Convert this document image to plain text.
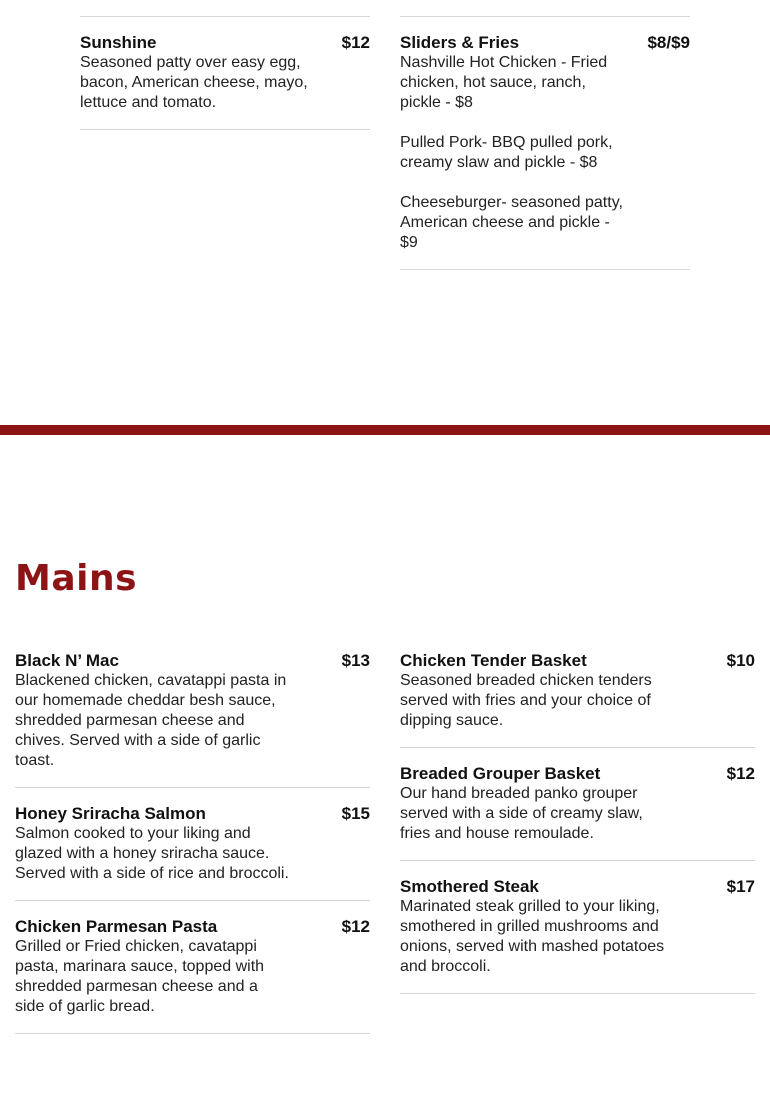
Sunshine	$12

Seasoned patty over easy egg, bacon, American cheese, mayo, lettuce and tomato.

Sliders & Fries	$8/$9

Nashville Hot Chicken - Fried chicken, hot sauce, ranch, pickle - $8

Pulled Pork- BBQ pulled pork, creamy slaw and pickle - $8

Cheeseburger- seasoned patty, American cheese and pickle - $9

Mains
Black N’ Mac	$13

Blackened chicken, cavatappi pasta in our homemade cheddar besh sauce, shredded parmesan cheese and chives. Served with a side of garlic toast.

Honey Sriracha Salmon	$15

Salmon cooked to your liking and glazed with a honey sriracha sauce. Served with a side of rice and broccoli.

Chicken Parmesan Pasta	$12

Grilled or Fried chicken, cavatappi pasta, marinara sauce, topped with shredded parmesan cheese and a side of garlic bread.

Chicken Tender Basket	$10

Seasoned breaded chicken tenders served with fries and your choice of dipping sauce.

Breaded Grouper Basket	$12

Our hand breaded panko grouper served with a side of creamy slaw, fries and house remoulade.

Smothered Steak	$17

Marinated steak grilled to your liking, smothered in grilled mushrooms and onions, served with mashed potatoes and broccoli.
